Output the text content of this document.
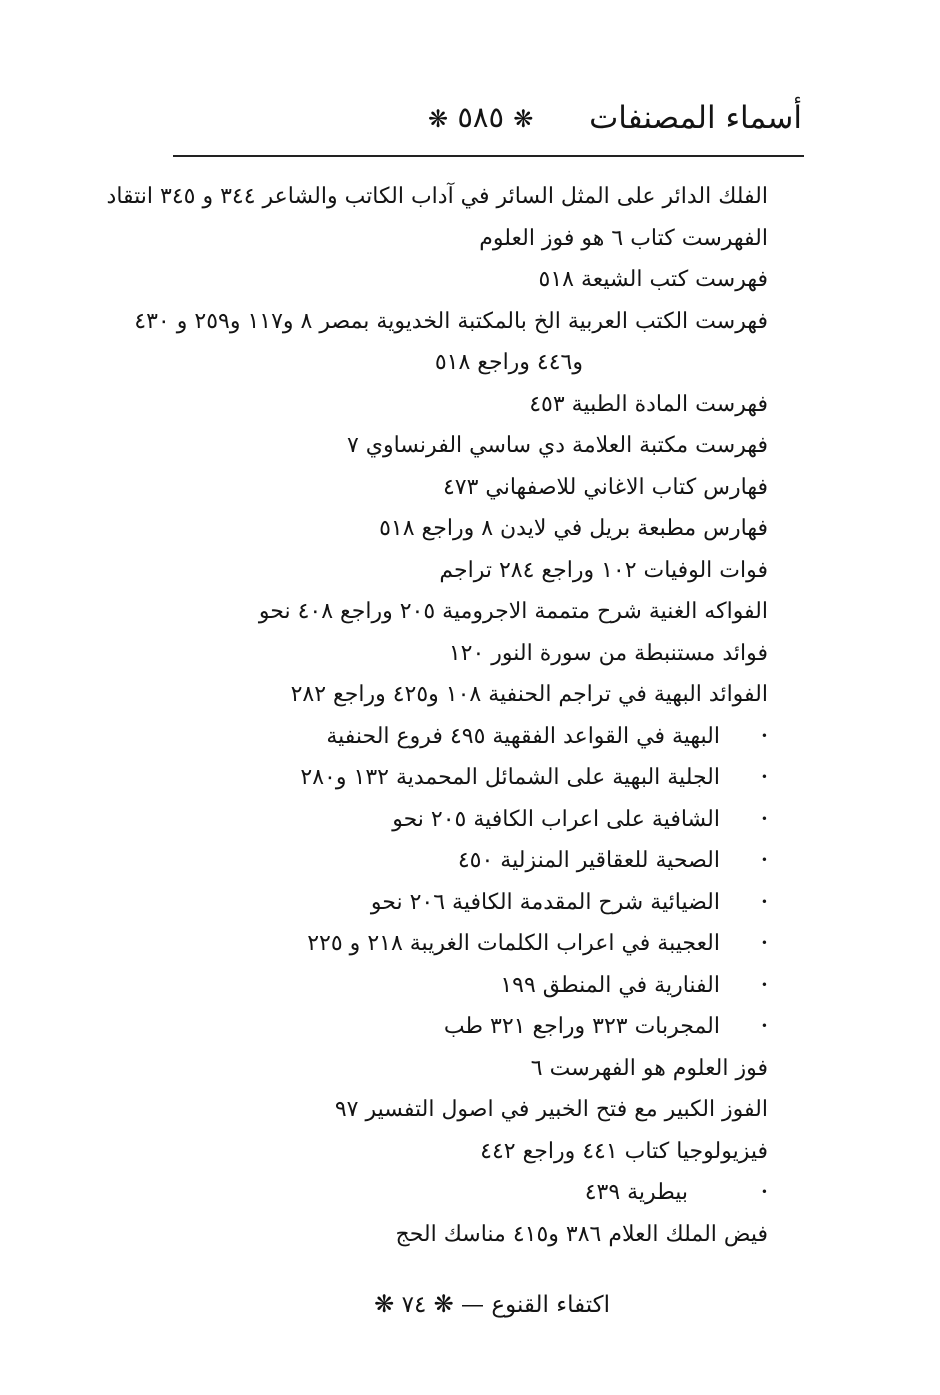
❋ ٥٨٥ ❋ أسماء المصنفات
الفلك الدائر على المثل السائر في آداب الكاتب والشاعر ٣٤٤ و ٣٤٥ انتقاد
الفهرست كتاب ٦ هو فوز العلوم
فهرست كتب الشيعة ٥١٨
فهرست الكتب العربية الخ بالمكتبة الخديوية بمصر ٨ و١١٧ و٢٥٩ و ٤٣٠
و٤٤٦ وراجع ٥١٨
فهرست المادة الطبية ٤٥٣
فهرست مكتبة العلامة دي ساسي الفرنساوي ٧
فهارس كتاب الاغاني للاصفهاني ٤٧٣
فهارس مطبعة بريل في لايدن ٨ وراجع ٥١٨
فوات الوفيات ١٠٢ وراجع ٢٨٤ تراجم
الفواكه الغنية شرح متممة الاجرومية ٢٠٥ وراجع ٤٠٨ نحو
فوائد مستنبطة من سورة النور ١٢٠
الفوائد البهية في تراجم الحنفية ١٠٨ و٤٢٥ وراجع ٢٨٢
•
البهية في القواعد الفقهية ٤٩٥ فروع الحنفية
•
الجلية البهية على الشمائل المحمدية ١٣٢ و٢٨٠
•
الشافية على اعراب الكافية ٢٠٥ نحو
•
الصحية للعقاقير المنزلية ٤٥٠
•
الضيائية شرح المقدمة الكافية ٢٠٦ نحو
•
العجيبة في اعراب الكلمات الغريبة ٢١٨ و ٢٢٥
•
الفنارية في المنطق ١٩٩
•
المجربات ٣٢٣ وراجع ٣٢١ طب
فوز العلوم هو الفهرست ٦
الفوز الكبير مع فتح الخبير في اصول التفسير ٩٧
فيزيولوجيا كتاب ٤٤١ وراجع ٤٤٢
•
بيطرية ٤٣٩
فيض الملك العلام ٣٨٦ و٤١٥ مناسك الحج
اكتفاء القنوع — ❋ ٧٤ ❋
